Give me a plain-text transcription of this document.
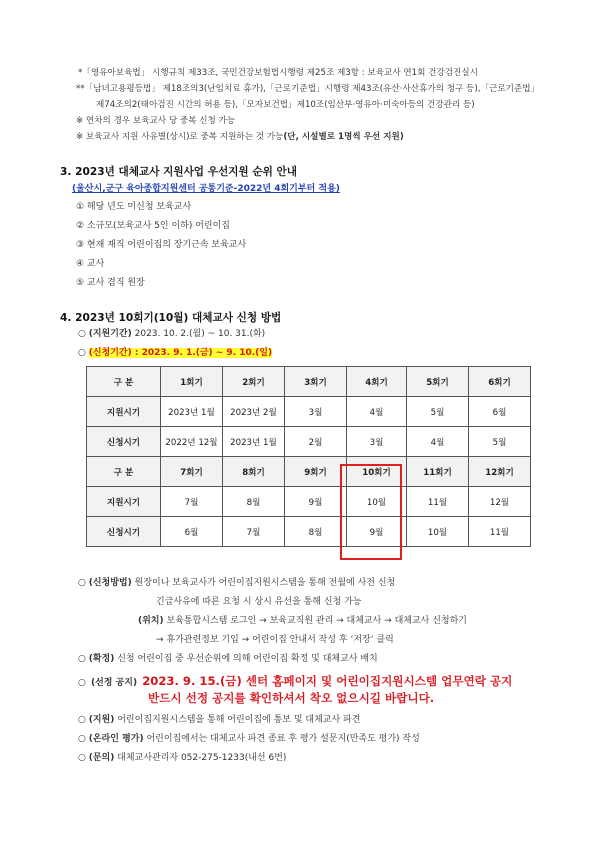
*「영유아보육법」 시행규칙 제33조, 국민건강보험법시행령 제25조 제3항 : 보육교사 연1회 건강검진실시
**「남녀고용평등법」 제18조의3(난임치료 휴가),「근로기준법」시행령 제43조(유산·사산휴가의 청구 등),「근로기준법」
제74조의2(태아검진 시간의 허용 등),「모자보건법」제10조(임산부·영유아·미숙아등의 건강관리 등)
※ 연차의 경우 보육교사 당 중복 신청 가능
※ 보육교사 지원 사유별(상시)로 중복 지원하는 것 가능(단, 시설별로 1명씩 우선 지원)
3. 2023년 대체교사 지원사업 우선지원 순위 안내
(울산시,군구 육아종합지원센터 공통기준-2022년 4회기부터 적용)
① 해당 년도 미신청 보육교사
② 소규모(보육교사 5인 이하) 어린이집
③ 현재 재직 어린이집의 장기근속 보육교사
④ 교사
⑤ 교사 겸직 원장
4. 2023년 10회기(10월) 대체교사 신청 방법
○ (지원기간) 2023. 10. 2.(월) ~ 10. 31.(화)
○ (신청기간) : 2023. 9. 1.(금) ~ 9. 10.(일)
구 분	1회기	2회기	3회기	4회기	5회기	6회기
지원시기	2023년 1월	2023년 2월	3월	4월	5월	6월
신청시기	2022년 12월	2023년 1월	2월	3월	4월	5월
구 분	7회기	8회기	9회기	10회기	11회기	12회기
지원시기	7월	8월	9월	10월	11월	12월
신청시기	6월	7월	8월	9월	10월	11월
○ (신청방법) 원장이나 보육교사가 어린이집지원시스템을 통해 전월에 사전 신청
긴급사유에 따른 요청 시 상시 유선을 통해 신청 가능
(위치) 보육통합시스템 로그인 → 보육교직원 관리 → 대체교사 → 대체교사 신청하기
→ 휴가관련정보 기입 → 어린이집 안내서 작성 후 ‘저장’ 클릭
○ (확정) 신청 어린이집 중 우선순위에 의해 어린이집 확정 및 대체교사 배치
○ (선정 공지) 2023. 9. 15.(금) 센터 홈페이지 및 어린이집지원시스템 업무연락 공지
반드시 선정 공지를 확인하셔서 착오 없으시길 바랍니다.
○ (지원) 어린이집지원시스템을 통해 어린이집에 통보 및 대체교사 파견
○ (온라인 평가) 어린이집에서는 대체교사 파견 종료 후 평가 설문지(만족도 평가) 작성
○ (문의) 대체교사관리자 052-275-1233(내선 6번)
